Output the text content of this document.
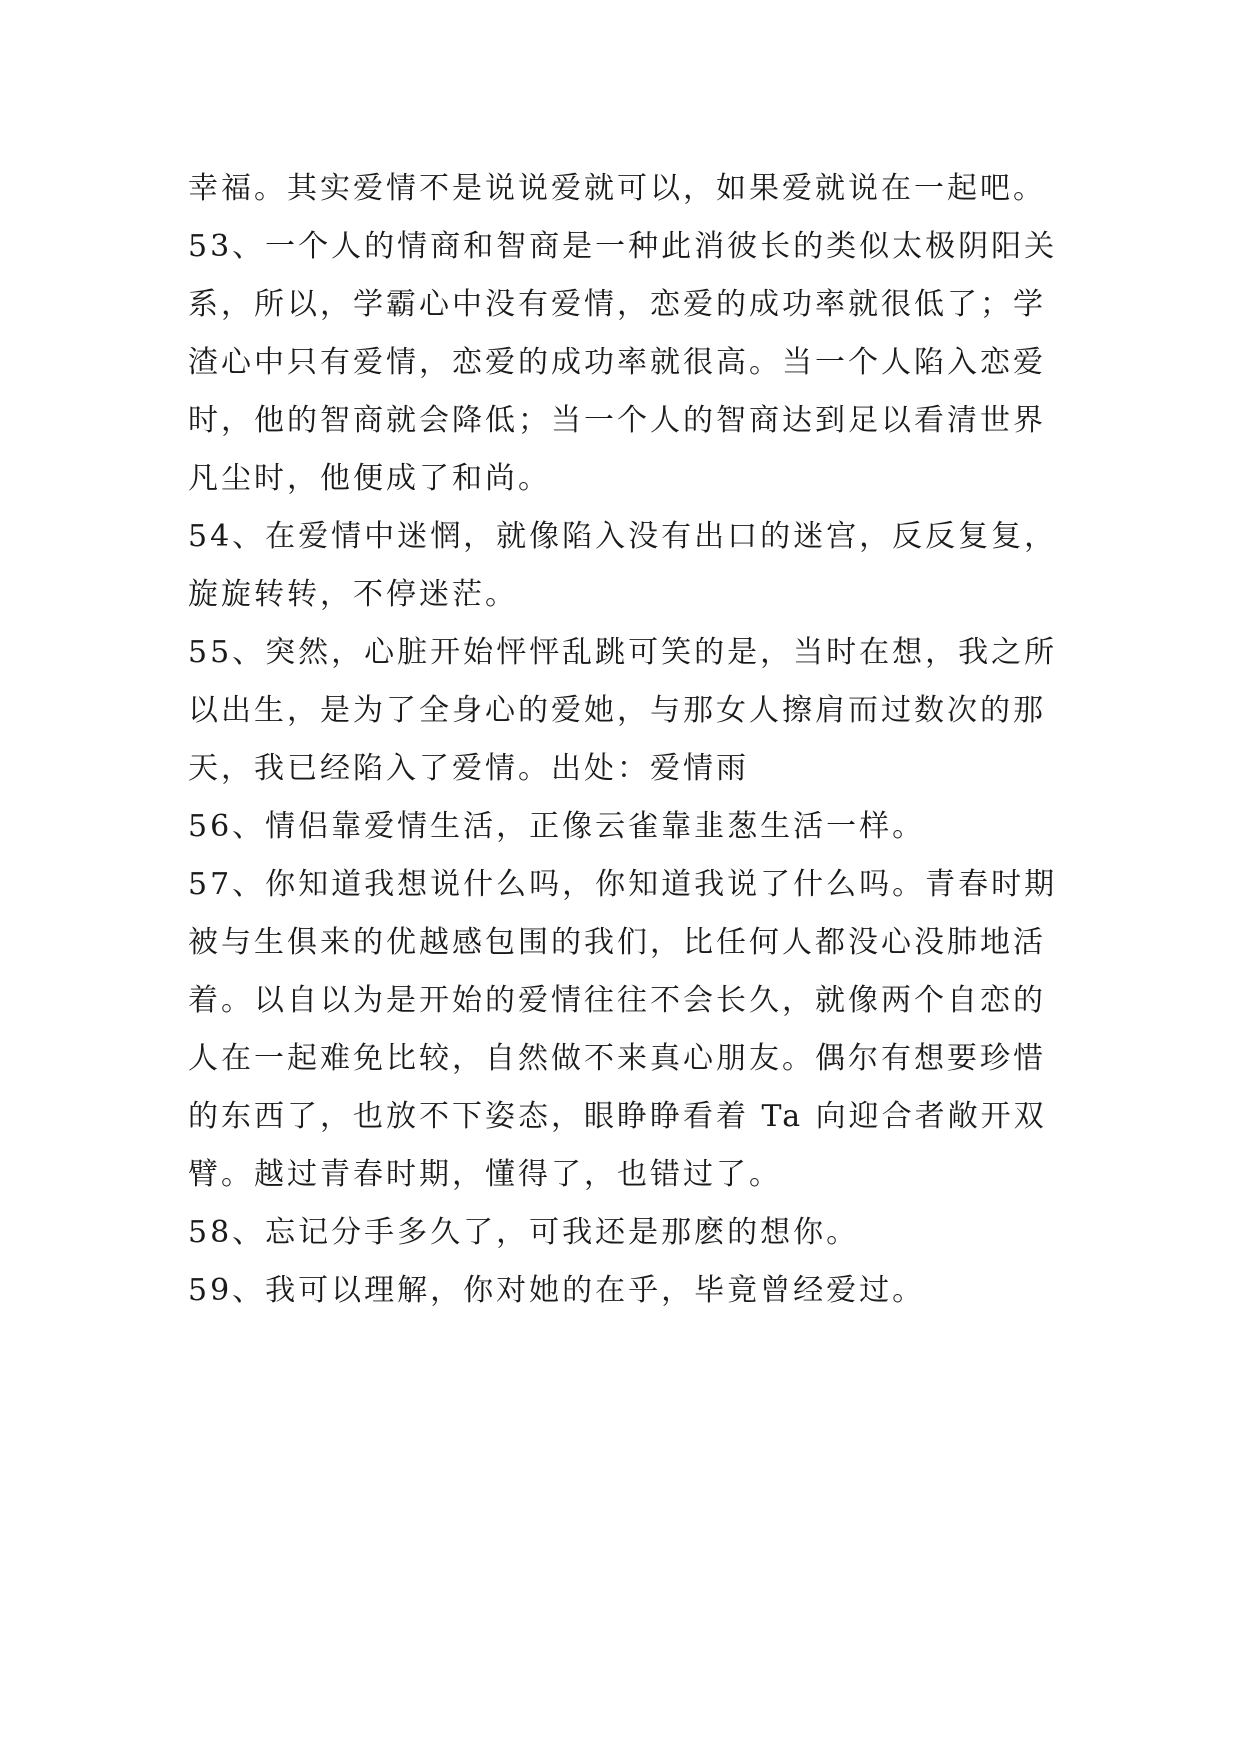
幸福。其实爱情不是说说爱就可以，如果爱就说在一起吧。

53、一个人的情商和智商是一种此消彼长的类似太极阴阳关

系，所以，学霸心中没有爱情，恋爱的成功率就很低了；学

渣心中只有爱情，恋爱的成功率就很高。当一个人陷入恋爱

时，他的智商就会降低；当一个人的智商达到足以看清世界

凡尘时，他便成了和尚。

54、在爱情中迷惘，就像陷入没有出口的迷宫，反反复复，

旋旋转转，不停迷茫。

55、突然，心脏开始怦怦乱跳可笑的是，当时在想，我之所

以出生，是为了全身心的爱她，与那女人擦肩而过数次的那

天，我已经陷入了爱情。出处：爱情雨

56、情侣靠爱情生活，正像云雀靠韭葱生活一样。

57、你知道我想说什么吗，你知道我说了什么吗。青春时期

被与生俱来的优越感包围的我们，比任何人都没心没肺地活

着。以自以为是开始的爱情往往不会长久，就像两个自恋的

人在一起难免比较，自然做不来真心朋友。偶尔有想要珍惜

的东西了，也放不下姿态，眼睁睁看着 Ta 向迎合者敞开双

臂。越过青春时期，懂得了，也错过了。

58、忘记分手多久了，可我还是那麽的想你。

59、我可以理解，你对她的在乎，毕竟曾经爱过。
